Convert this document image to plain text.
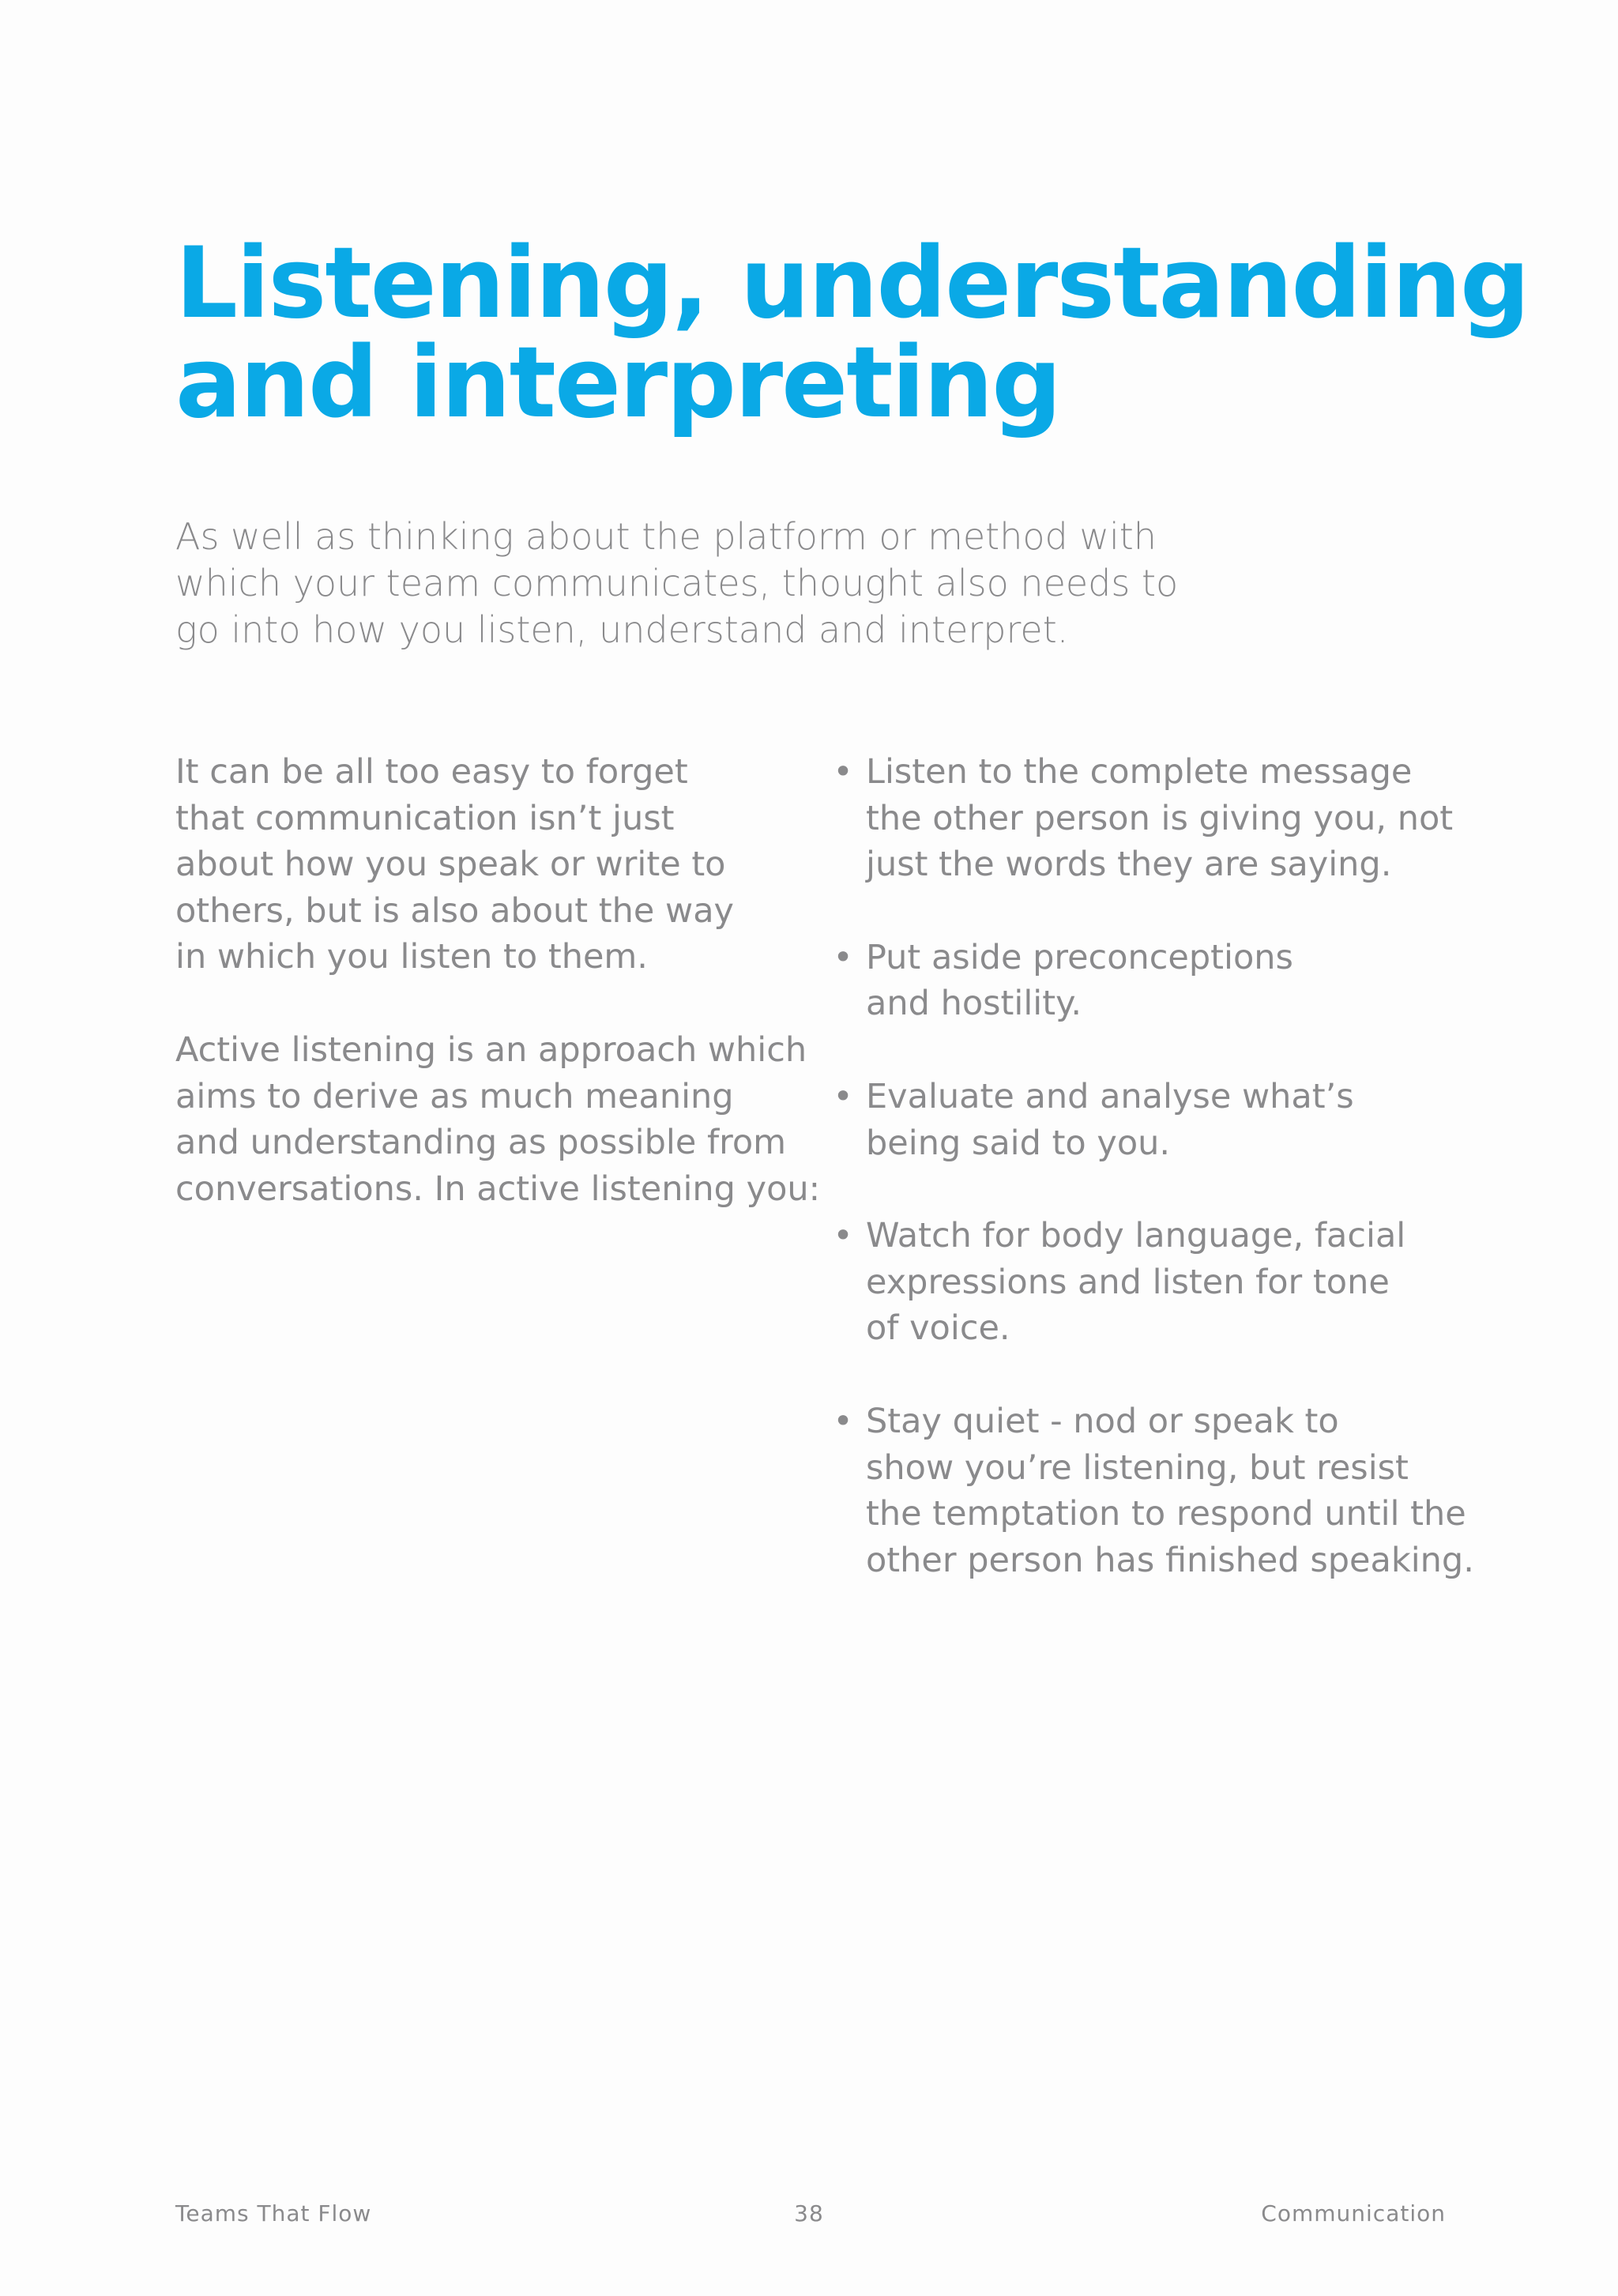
Listening, understanding
and interpreting

As well as thinking about the platform or method with
which your team communicates, thought also needs to
go into how you listen, understand and interpret.

It can be all too easy to forget
that communication isn’t just
about how you speak or write to
others, but is also about the way
in which you listen to them.

Active listening is an approach which
aims to derive as much meaning
and understanding as possible from
conversations. In active listening you:

• Listen to the complete message
the other person is giving you, not
just the words they are saying.
• Put aside preconceptions
and hostility.
• Evaluate and analyse what’s
being said to you.
• Watch for body language, facial
expressions and listen for tone
of voice.
• Stay quiet - nod or speak to
show you’re listening, but resist
the temptation to respond until the
other person has finished speaking.
Teams That Flow	38	Communication
